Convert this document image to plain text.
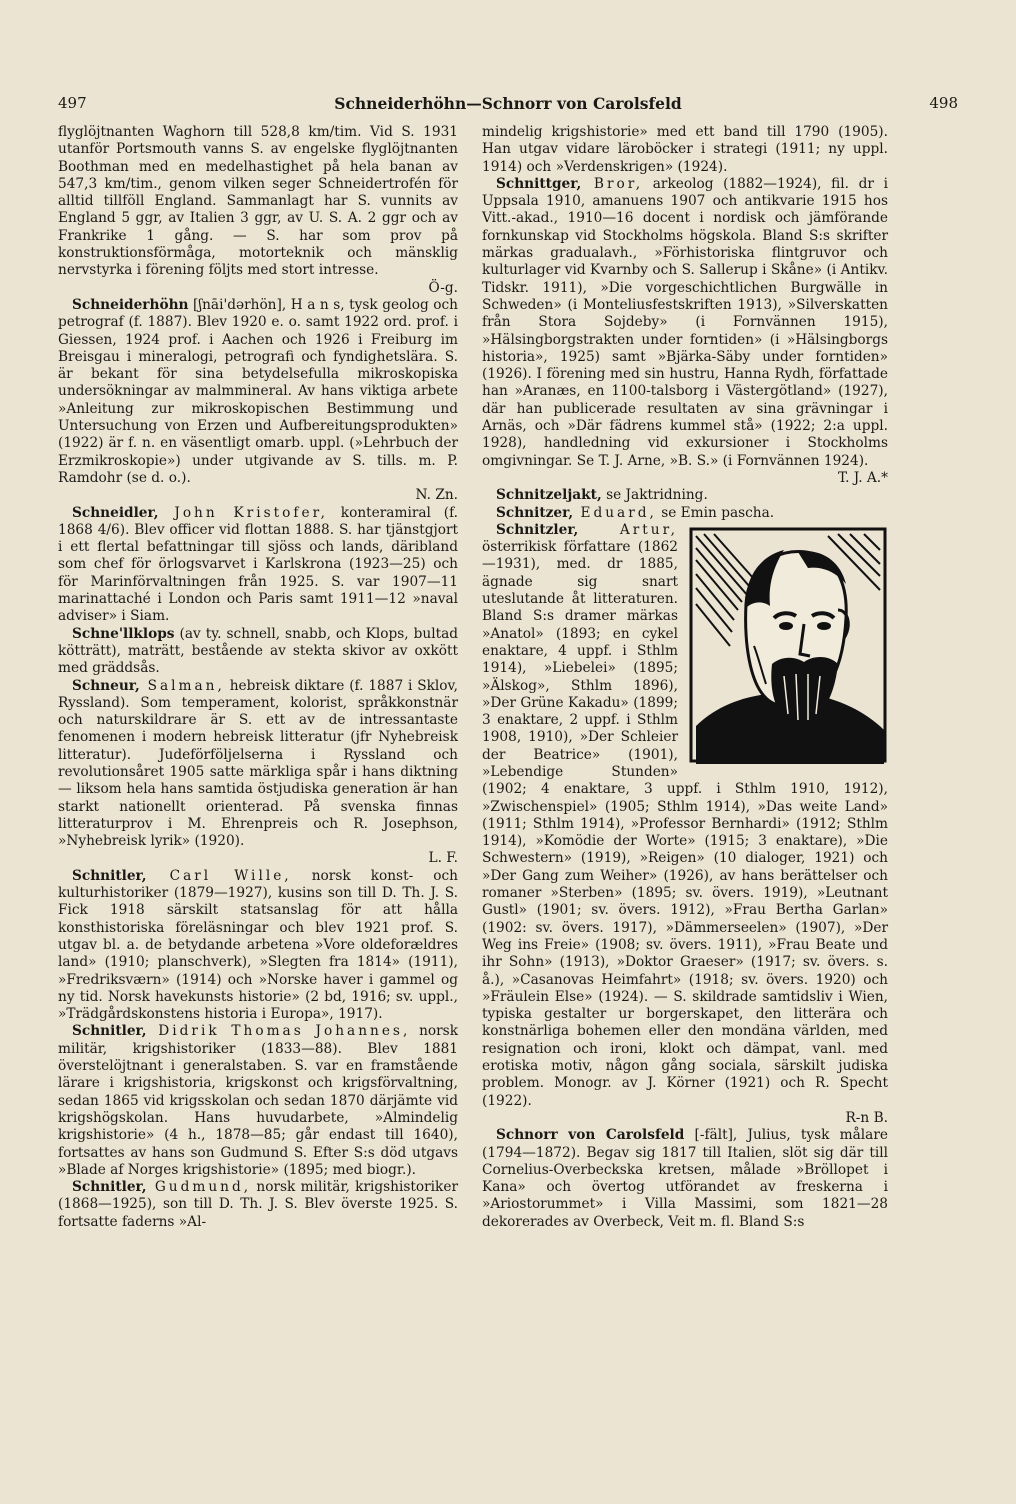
497	Schneiderhöhn—Schnorr von Carolsfeld	498

flyglöjtnanten Waghorn till 528,8 km/tim. Vid S. 1931 utanför Portsmouth vanns S. av engelske flyglöjtnanten Boothman med en medelhastighet på hela banan av 547,3 km/tim., genom vilken seger Schneidertrofén för alltid tillföll England. Sammanlagt har S. vunnits av England 5 ggr, av Italien 3 ggr, av U. S. A. 2 ggr och av Frankrike 1 gång. — S. har som prov på konstruktionsförmåga, motorteknik och mänsklig nervstyrka i förening följts med stort intresse.
Ö-g.

Schneiderhöhn [ʃnāi'dərhön], H a n s, tysk geolog och petrograf (f. 1887). Blev 1920 e. o. samt 1922 ord. prof. i Giessen, 1924 prof. i Aachen och 1926 i Freiburg im Breisgau i mineralogi, petrografi och fyndighetslära. S. är bekant för sina betydelsefulla mikroskopiska undersökningar av malmmineral. Av hans viktiga arbete »Anleitung zur mikroskopischen Bestimmung und Untersuchung von Erzen und Aufbereitungsprodukten» (1922) är f. n. en väsentligt omarb. uppl. (»Lehrbuch der Erzmikroskopie») under utgivande av S. tills. m. P. Ramdohr (se d. o.).
N. Zn.

Schneidler, John Kristofer, konteramiral (f. 1868 4/6). Blev officer vid flottan 1888. S. har tjänstgjort i ett flertal befattningar till sjöss och lands, däribland som chef för örlogsvarvet i Karlskrona (1923—25) och för Marinförvaltningen från 1925. S. var 1907—11 marinattaché i London och Paris samt 1911—12 »naval adviser» i Siam.

Schne'llklops (av ty. schnell, snabb, och Klops, bultad kötträtt), maträtt, bestående av stekta skivor av oxkött med gräddsås.

Schneur, Salman, hebreisk diktare (f. 1887 i Sklov, Ryssland). Som temperament, kolorist, språkkonstnär och naturskildrare är S. ett av de intressantaste fenomenen i modern hebreisk litteratur (jfr Nyhebreisk litteratur). Judeförföljelserna i Ryssland och revolutionsåret 1905 satte märkliga spår i hans diktning — liksom hela hans samtida östjudiska generation är han starkt nationellt orienterad. På svenska finnas litteraturprov i M. Ehrenpreis och R. Josephson, »Nyhebreisk lyrik» (1920).
L. F.

Schnitler, Carl Wille, norsk konst- och kulturhistoriker (1879—1927), kusins son till D. Th. J. S. Fick 1918 särskilt statsanslag för att hålla konsthistoriska föreläsningar och blev 1921 prof. S. utgav bl. a. de betydande arbetena »Vore oldeforældres land» (1910; planschverk), »Slegten fra 1814» (1911), »Fredriksværn» (1914) och »Norske haver i gammel og ny tid. Norsk havekunsts historie» (2 bd, 1916; sv. uppl., »Trädgårdskonstens historia i Europa», 1917).

Schnitler, Didrik Thomas Johannes, norsk militär, krigshistoriker (1833—88). Blev 1881 överstelöjtnant i generalstaben. S. var en framstående lärare i krigshistoria, krigskonst och krigsförvaltning, sedan 1865 vid krigsskolan och sedan 1870 därjämte vid krigshögskolan. Hans huvudarbete, »Almindelig krigshistorie» (4 h., 1878—85; går endast till 1640), fortsattes av hans son Gudmund S. Efter S:s död utgavs »Blade af Norges krigshistorie» (1895; med biogr.).

Schnitler, Gudmund, norsk militär, krigshistoriker (1868—1925), son till D. Th. J. S. Blev överste 1925. S. fortsatte faderns »Al-

mindelig krigshistorie» med ett band till 1790 (1905). Han utgav vidare läroböcker i strategi (1911; ny uppl. 1914) och »Verdenskrigen» (1924).

Schnittger, Bror, arkeolog (1882—1924), fil. dr i Uppsala 1910, amanuens 1907 och antikvarie 1915 hos Vitt.-akad., 1910—16 docent i nordisk och jämförande fornkunskap vid Stockholms högskola. Bland S:s skrifter märkas gradualavh., »Förhistoriska flintgruvor och kulturlager vid Kvarnby och S. Sallerup i Skåne» (i Antikv. Tidskr. 1911), »Die vorgeschichtlichen Burgwälle in Schweden» (i Monteliusfestskriften 1913), »Silverskatten från Stora Sojdeby» (i Fornvännen 1915), »Hälsingborgstrakten under forntiden» (i »Hälsingborgs historia», 1925) samt »Bjärka-Säby under forntiden» (1926). I förening med sin hustru, Hanna Rydh, författade han »Aranæs, en 1100-talsborg i Västergötland» (1927), där han publicerade resultaten av sina grävningar i Arnäs, och »Där fädrens kummel stå» (1922; 2:a uppl. 1928), handledning vid exkursioner i Stockholms omgivningar. Se T. J. Arne, »B. S.» (i Fornvännen 1924).
T. J. A.*

Schnitzeljakt, se Jaktridning.

Schnitzer, Eduard, se Emin pascha.

Schnitzler, Artur, österrikisk författare (1862—1931), med. dr 1885, ägnade sig snart uteslutande åt litteraturen. Bland S:s dramer märkas »Anatol» (1893; en cykel enaktare, 4 uppf. i Sthlm 1914), »Liebelei» (1895; »Älskog», Sthlm 1896), »Der Grüne Kakadu» (1899; 3 enaktare, 2 uppf. i Sthlm 1908, 1910), »Der Schleier der Beatrice» (1901), »Lebendige Stunden» (1902; 4 enaktare, 3 uppf. i Sthlm 1910, 1912), »Zwischenspiel» (1905; Sthlm 1914), »Das weite Land» (1911; Sthlm 1914), »Professor Bernhardi» (1912; Sthlm 1914), »Komödie der Worte» (1915; 3 enaktare), »Die Schwestern» (1919), »Reigen» (10 dialoger, 1921) och »Der Gang zum Weiher» (1926), av hans berättelser och romaner »Sterben» (1895; sv. övers. 1919), »Leutnant Gustl» (1901; sv. övers. 1912), »Frau Bertha Garlan» (1902: sv. övers. 1917), »Dämmerseelen» (1907), »Der Weg ins Freie» (1908; sv. övers. 1911), »Frau Beate und ihr Sohn» (1913), »Doktor Graeser» (1917; sv. övers. s. å.), »Casanovas Heimfahrt» (1918; sv. övers. 1920) och »Fräulein Else» (1924). — S. skildrade samtidsliv i Wien, typiska gestalter ur borgerskapet, den litterära och konstnärliga bohemen eller den mondäna världen, med resignation och ironi, klokt och dämpat, vanl. med erotiska motiv, någon gång sociala, särskilt judiska problem. Monogr. av J. Körner (1921) och R. Specht (1922).
R-n B.

Schnorr von Carolsfeld [-fält], Julius, tysk målare (1794—1872). Begav sig 1817 till Italien, slöt sig där till Cornelius-Overbeckska kretsen, målade »Bröllopet i Kana» och övertog utförandet av freskerna i »Ariostorummet» i Villa Massimi, som 1821—28 dekorerades av Overbeck, Veit m. fl. Bland S:s
